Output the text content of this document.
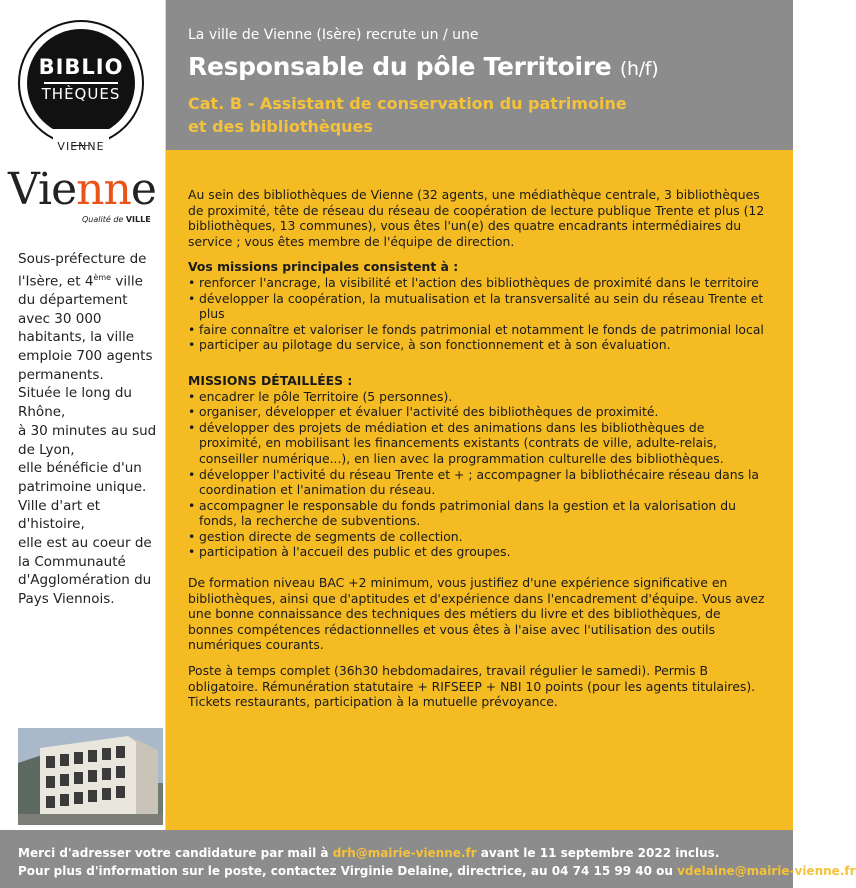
BIBLIO
THÈQUES
VIENNE
Vienne
Qualité de VILLE
Sous-préfecture de l'Isère, et 4ème ville du département avec 30 000 habitants, la ville emploie 700 agents permanents.
Située le long du Rhône,
à 30 minutes au sud de Lyon,
elle bénéficie d'un patrimoine unique.
Ville d'art et d'histoire,
elle est au coeur de la Communauté d'Agglomération du Pays Viennois.
La ville de Vienne (Isère) recrute un / une
Responsable du pôle Territoire (h/f)
Cat. B - Assistant de conservation du patrimoine
et des bibliothèques

Au sein des bibliothèques de Vienne (32 agents, une médiathèque centrale, 3 bibliothèques de proximité, tête de réseau du réseau de coopération de lecture publique Trente et plus (12 bibliothèques, 13 communes), vous êtes l'un(e) des quatre encadrants intermédiaires du service ; vous êtes membre de l'équipe de direction.

Vos missions principales consistent à :

• renforcer l'ancrage, la visibilité et l'action des bibliothèques de proximité dans le territoire
• développer la coopération, la mutualisation et la transversalité au sein du réseau Trente et plus
• faire connaître et valoriser le fonds patrimonial et notamment le fonds de patrimonial local
• participer au pilotage du service, à son fonctionnement et à son évaluation.

MISSIONS DÉTAILLÉES :

• encadrer le pôle Territoire (5 personnes).
• organiser, développer et évaluer l'activité des bibliothèques de proximité.
• développer des projets de médiation et des animations dans les bibliothèques de proximité, en mobilisant les financements existants (contrats de ville, adulte-relais, conseiller numérique...), en lien avec la programmation culturelle des bibliothèques.
• développer l'activité du réseau Trente et + ; accompagner la bibliothécaire réseau dans la coordination et l'animation du réseau.
• accompagner le responsable du fonds patrimonial dans la gestion et la valorisation du fonds, la recherche de subventions.
• gestion directe de segments de collection.
• participation à l'accueil des public et des groupes.

De formation niveau BAC +2 minimum, vous justifiez d'une expérience significative en bibliothèques, ainsi que d'aptitudes et d'expérience dans l'encadrement d'équipe. Vous avez une bonne connaissance des techniques des métiers du livre et des bibliothèques, de bonnes compétences rédactionnelles et vous êtes à l'aise avec l'utilisation des outils numériques courants.

Poste à temps complet (36h30 hebdomadaires, travail régulier le samedi). Permis B obligatoire. Rémunération statutaire + RIFSEEP + NBI 10 points (pour les agents titulaires). Tickets restaurants, participation à la mutuelle prévoyance.

Merci d'adresser votre candidature par mail à drh@mairie-vienne.fr avant le 11 septembre 2022 inclus.
Pour plus d'information sur le poste, contactez Virginie Delaine, directrice, au 04 74 15 99 40 ou vdelaine@mairie-vienne.fr
